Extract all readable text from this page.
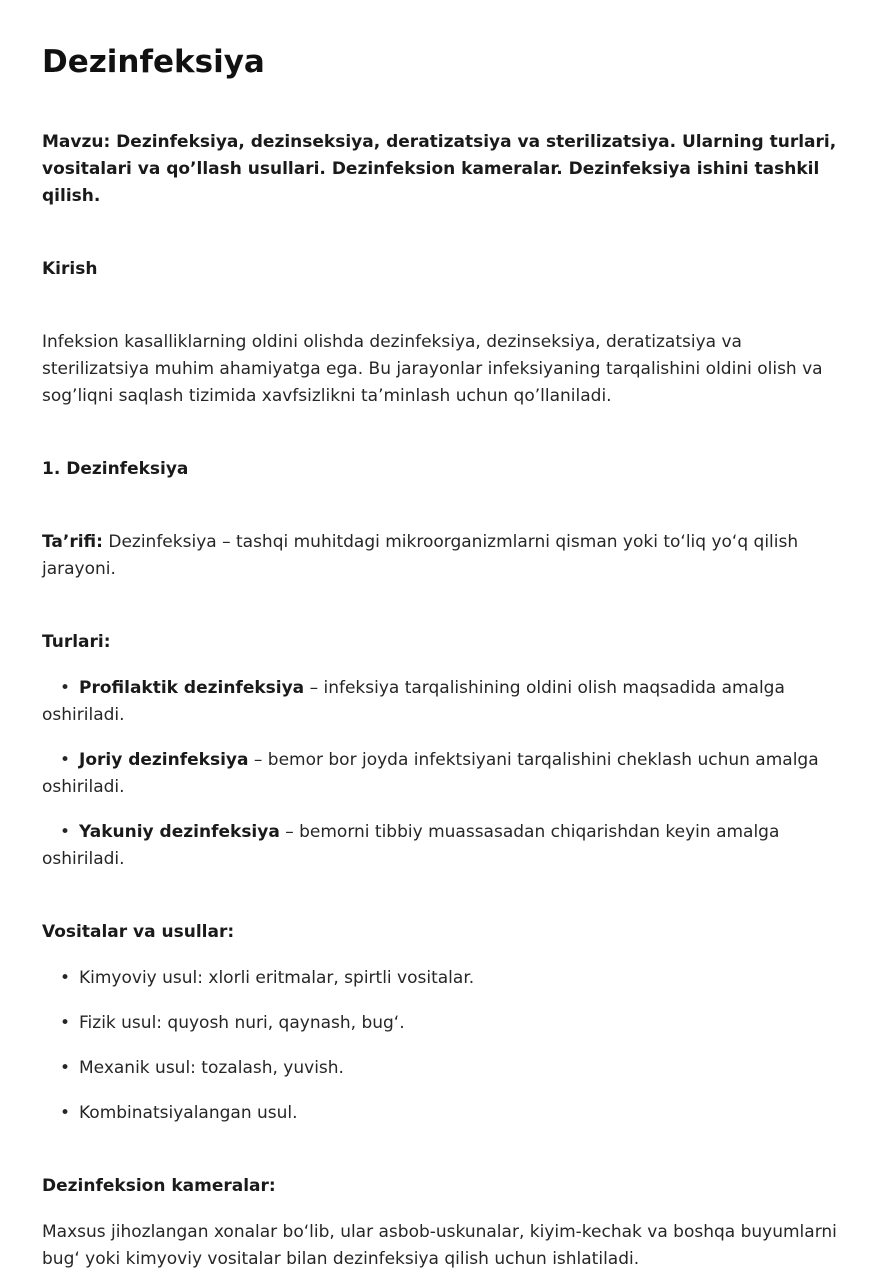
Dezinfeksiya

Mavzu: Dezinfeksiya, dezinseksiya, deratizatsiya va sterilizatsiya. Ularning turlari, vositalari va qo’llash usullari. Dezinfeksion kameralar. Dezinfeksiya ishini tashkil qilish.

Kirish

Infeksion kasalliklarning oldini olishda dezinfeksiya, dezinseksiya, deratizatsiya va sterilizatsiya muhim ahamiyatga ega. Bu jarayonlar infeksiyaning tarqalishini oldini olish va sog’liqni saqlash tizimida xavfsizlikni ta’minlash uchun qo’llaniladi.

1. Dezinfeksiya

Ta’rifi: Dezinfeksiya – tashqi muhitdagi mikroorganizmlarni qisman yoki to‘liq yo‘q qilish jarayoni.

Turlari:

• Profilaktik dezinfeksiya – infeksiya tarqalishining oldini olish maqsadida amalga oshiriladi.

• Joriy dezinfeksiya – bemor bor joyda infektsiyani tarqalishini cheklash uchun amalga oshiriladi.

• Yakuniy dezinfeksiya – bemorni tibbiy muassasadan chiqarishdan keyin amalga oshiriladi.

Vositalar va usullar:

• Kimyoviy usul: xlorli eritmalar, spirtli vositalar.

• Fizik usul: quyosh nuri, qaynash, bug‘.

• Mexanik usul: tozalash, yuvish.

• Kombinatsiyalangan usul.

Dezinfeksion kameralar:

Maxsus jihozlangan xonalar bo‘lib, ular asbob-uskunalar, kiyim-kechak va boshqa buyumlarni bug‘ yoki kimyoviy vositalar bilan dezinfeksiya qilish uchun ishlatiladi.
